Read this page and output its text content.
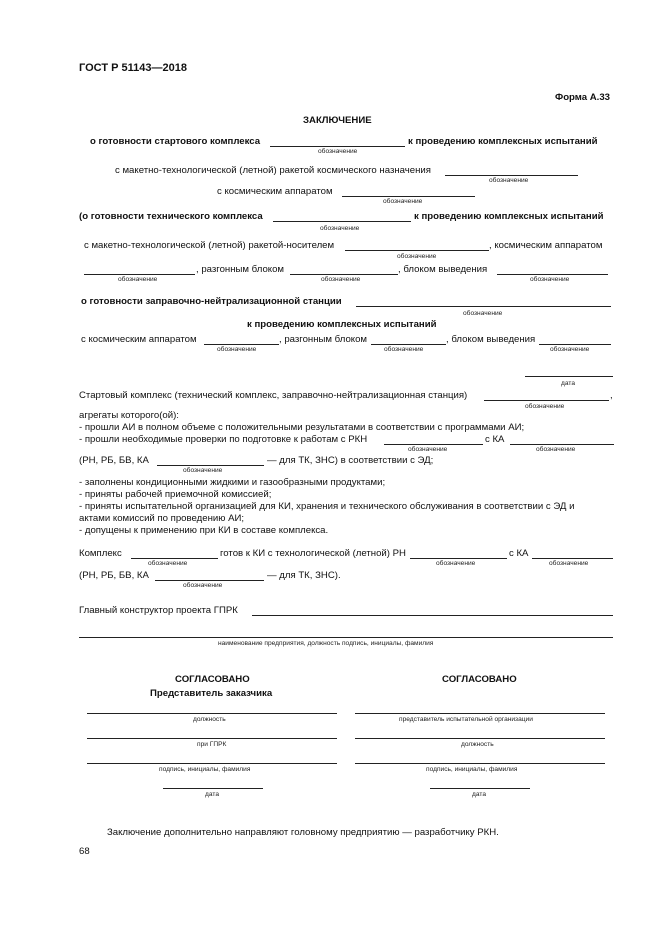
ГОСТ Р 51143—2018
Форма А.33
ЗАКЛЮЧЕНИЕ
о готовности стартового комплекса	к проведению комплексных испытаний
обозначение
с макетно-технологической (летной) ракетой космического назначения
обозначение
с космическим аппаратом
обозначение
(о готовности технического комплекса	к проведению комплексных испытаний
обозначение
с макетно-технологической (летной) ракетой-носителем	, космическим аппаратом
обозначение
, разгонным блоком	, блоком выведения
обозначение	обозначение	обозначение
о готовности заправочно-нейтрализационной станции
обозначение
к проведению комплексных испытаний
с космическим аппаратом	, разгонным блоком	, блоком выведения
обозначение	обозначение	обозначение
дата
Стартовый комплекс (технический комплекс, заправочно-нейтрализационная станция)	,
обозначение
агрегаты которого(ой):
- прошли АИ в полном объеме с положительными результатами в соответствии с программами АИ;
- прошли необходимые проверки по подготовке к работам с РКН	с КА
обозначение	обозначение
(РН, РБ, БВ, КА	— для ТК, ЗНС) в соответствии с ЭД;
обозначение
- заполнены кондиционными жидкими и газообразными продуктами;
- приняты рабочей приемочной комиссией;
- приняты испытательной организацией для КИ, хранения и технического обслуживания в соответствии с ЭД и
актами комиссий по проведению АИ;
- допущены к применению при КИ в составе комплекса.
Комплекс	готов к КИ с технологической (летной) РН	с КА
обозначение	обозначение	обозначение
(РН, РБ, БВ, КА	— для ТК, ЗНС).
обозначение
Главный конструктор проекта ГПРК
наименование предприятия, должность подпись, инициалы, фамилия
СОГЛАСОВАНО
Представитель заказчика
СОГЛАСОВАНО
должность	представитель испытательной организации
при ГПРК	должность
подпись, инициалы, фамилия	подпись, инициалы, фамилия
дата	дата
Заключение дополнительно направляют головному предприятию — разработчику РКН.
68
